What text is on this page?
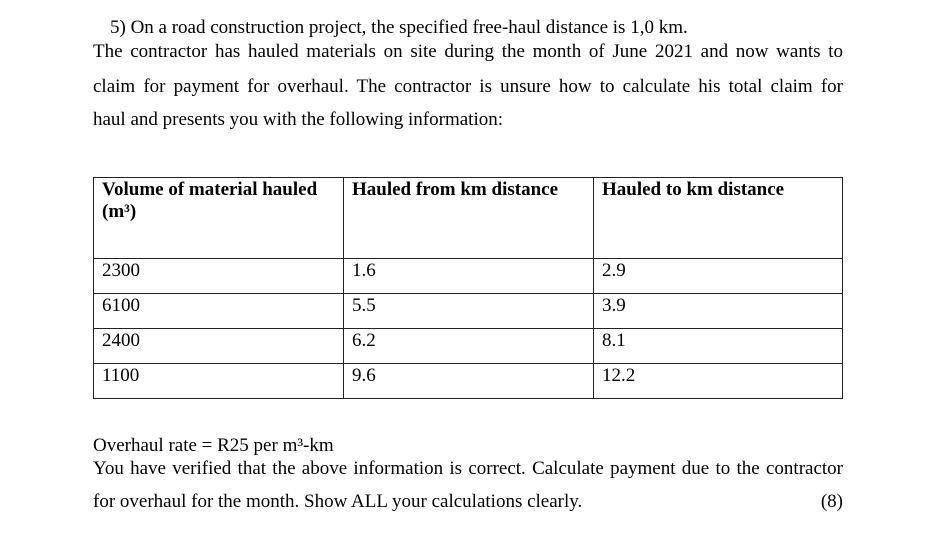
5) On a road construction project, the specified free-haul distance is 1,0 km.
The contractor has hauled materials on site during the month of June 2021 and now wants to
claim for payment for overhaul. The contractor is unsure how to calculate his total claim for
haul and presents you with the following information:
Volume of material hauled (m³)	Hauled from km distance	Hauled to km distance
2300	1.6	2.9
6100	5.5	3.9
2400	6.2	8.1
1100	9.6	12.2
Overhaul rate = R25 per m³-km
You have verified that the above information is correct. Calculate payment due to the contractor
for overhaul for the month. Show ALL your calculations clearly.	(8)
